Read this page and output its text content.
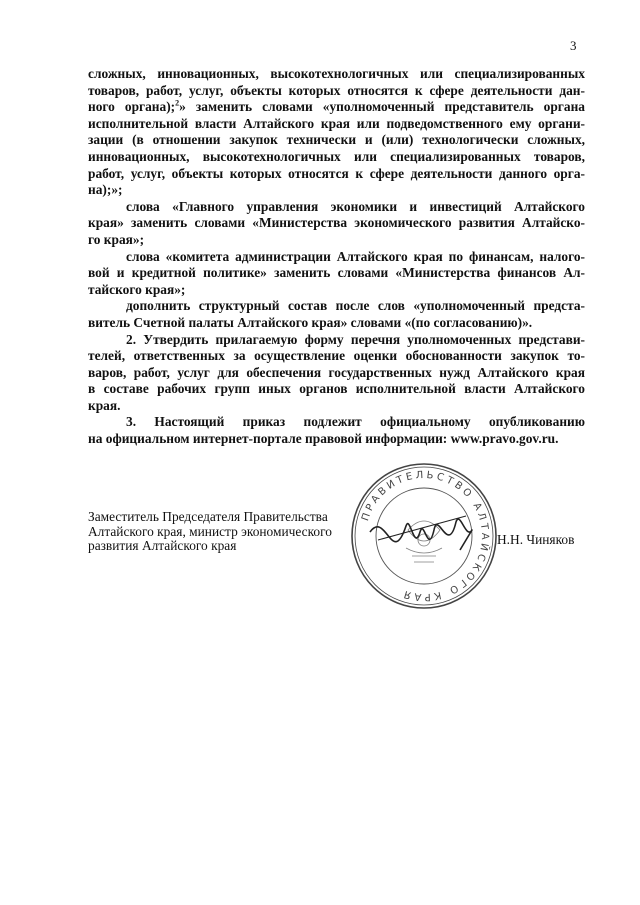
3

сложных, инновационных, высокотехнологичных или специализированных
товаров, работ, услуг, объекты которых относятся к сфере деятельности дан-
ного органа);$^2$» заменить словами «уполномоченный представитель органа
исполнительной власти Алтайского края или подведомственного ему органи-
зации (в отношении закупок технически и (или) технологически сложных,
инновационных, высокотехнологичных или специализированных товаров,
работ, услуг, объекты которых относятся к сфере деятельности данного орга-
на);»;

слова «Главного управления экономики и инвестиций Алтайского
края» заменить словами «Министерства экономического развития Алтайско-
го края»;

слова «комитета администрации Алтайского края по финансам, налого-
вой и кредитной политике» заменить словами «Министерства финансов Ал-
тайского края»;

дополнить структурный состав после слов «уполномоченный предста-
витель Счетной палаты Алтайского края» словами «(по согласованию)».

2. Утвердить прилагаемую форму перечня уполномоченных представи-
телей, ответственных за осуществление оценки обоснованности закупок то-
варов, работ, услуг для обеспечения государственных нужд Алтайского края
в составе рабочих групп иных органов исполнительной власти Алтайского
края.

3. Настоящий приказ подлежит официальному опубликованию
на официальном интернет-портале правовой информации: www.pravo.gov.ru.

Заместитель Председателя Правительства
Алтайского края, министр экономического
развития Алтайского края
ПРАВИТЕЛЬСТВО АЛТАЙСКОГО КРАЯ
Н.Н. Чиняков
